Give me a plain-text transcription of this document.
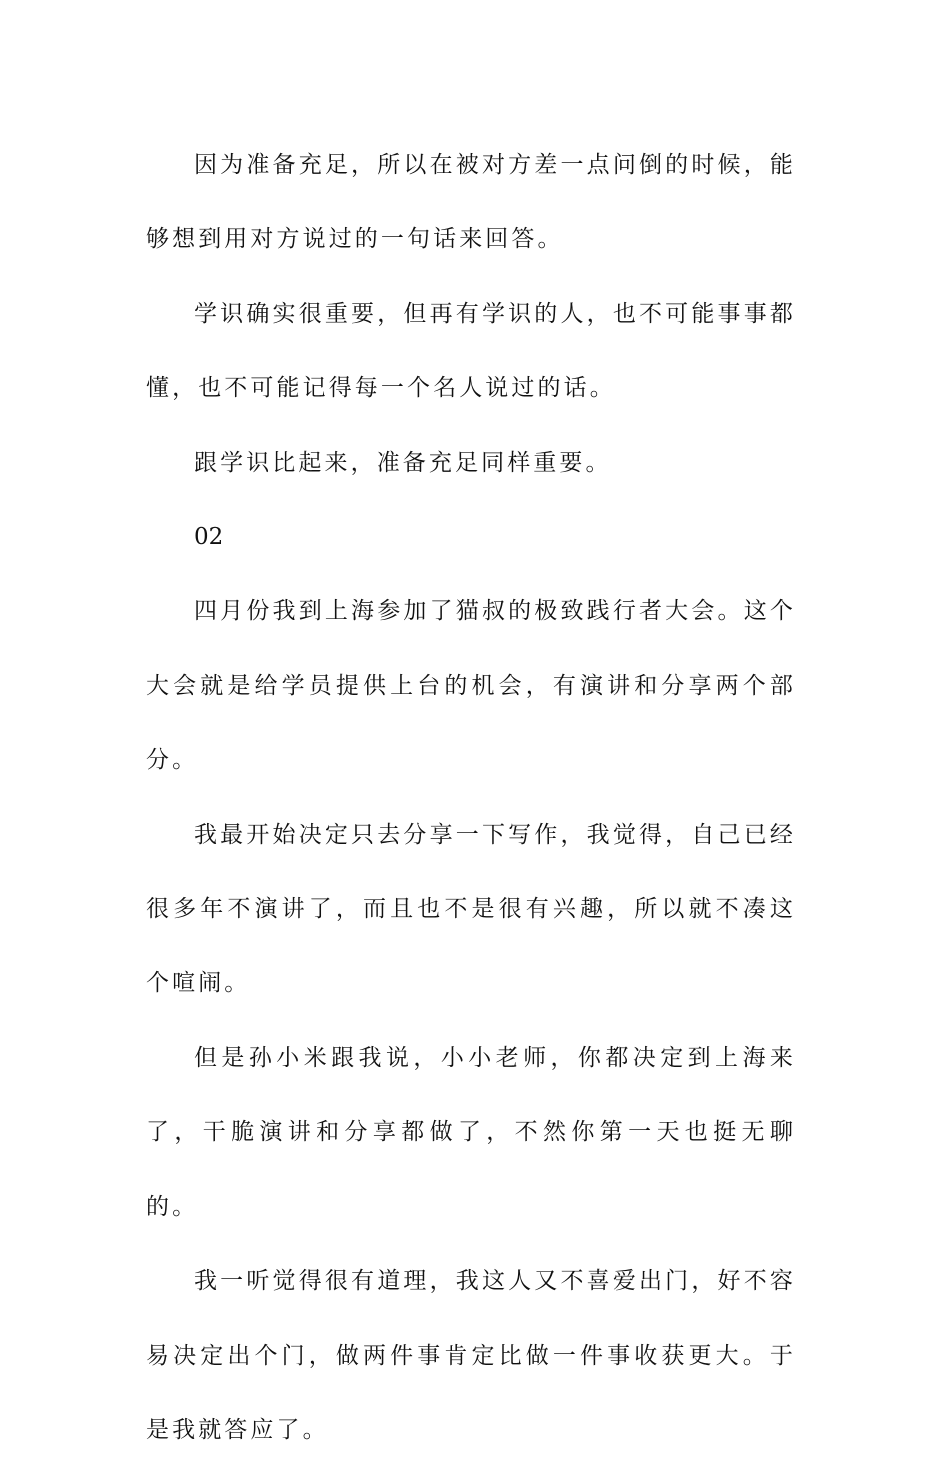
因为准备充足，所以在被对方差一点问倒的时候，能够想到用对方说过的一句话来回答。

学识确实很重要，但再有学识的人，也不可能事事都懂，也不可能记得每一个名人说过的话。

跟学识比起来，准备充足同样重要。

02

四月份我到上海参加了猫叔的极致践行者大会。这个大会就是给学员提供上台的机会，有演讲和分享两个部分。

我最开始决定只去分享一下写作，我觉得，自己已经很多年不演讲了，而且也不是很有兴趣，所以就不凑这个喧闹。

但是孙小米跟我说，小小老师，你都决定到上海来了，干脆演讲和分享都做了，不然你第一天也挺无聊的。

我一听觉得很有道理，我这人又不喜爱出门，好不容易决定出个门，做两件事肯定比做一件事收获更大。于是我就答应了。
